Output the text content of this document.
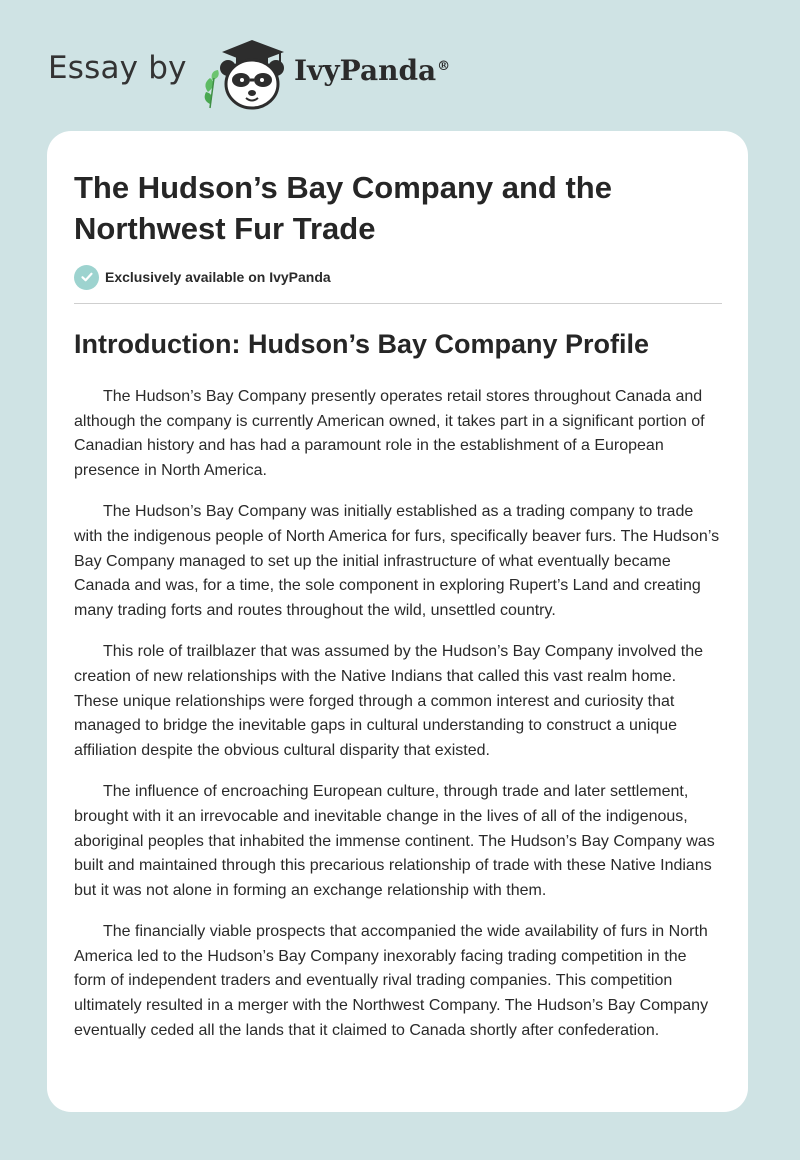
Essay by	IvyPanda®
The Hudson’s Bay Company and the Northwest Fur Trade
Exclusively available on IvyPanda
Introduction: Hudson’s Bay Company Profile

The Hudson’s Bay Company presently operates retail stores throughout Canada and although the company is currently American owned, it takes part in a significant portion of Canadian history and has had a paramount role in the establishment of a European presence in North America.

The Hudson’s Bay Company was initially established as a trading company to trade with the indigenous people of North America for furs, specifically beaver furs. The Hudson’s Bay Company managed to set up the initial infrastructure of what eventually became Canada and was, for a time, the sole component in exploring Rupert’s Land and creating many trading forts and routes throughout the wild, unsettled country.

This role of trailblazer that was assumed by the Hudson’s Bay Company involved the creation of new relationships with the Native Indians that called this vast realm home. These unique relationships were forged through a common interest and curiosity that managed to bridge the inevitable gaps in cultural understanding to construct a unique affiliation despite the obvious cultural disparity that existed.

The influence of encroaching European culture, through trade and later settlement, brought with it an irrevocable and inevitable change in the lives of all of the indigenous, aboriginal peoples that inhabited the immense continent. The Hudson’s Bay Company was built and maintained through this precarious relationship of trade with these Native Indians but it was not alone in forming an exchange relationship with them.

The financially viable prospects that accompanied the wide availability of furs in North America led to the Hudson’s Bay Company inexorably facing trading competition in the form of independent traders and eventually rival trading companies. This competition ultimately resulted in a merger with the Northwest Company. The Hudson’s Bay Company eventually ceded all the lands that it claimed to Canada shortly after confederation.
